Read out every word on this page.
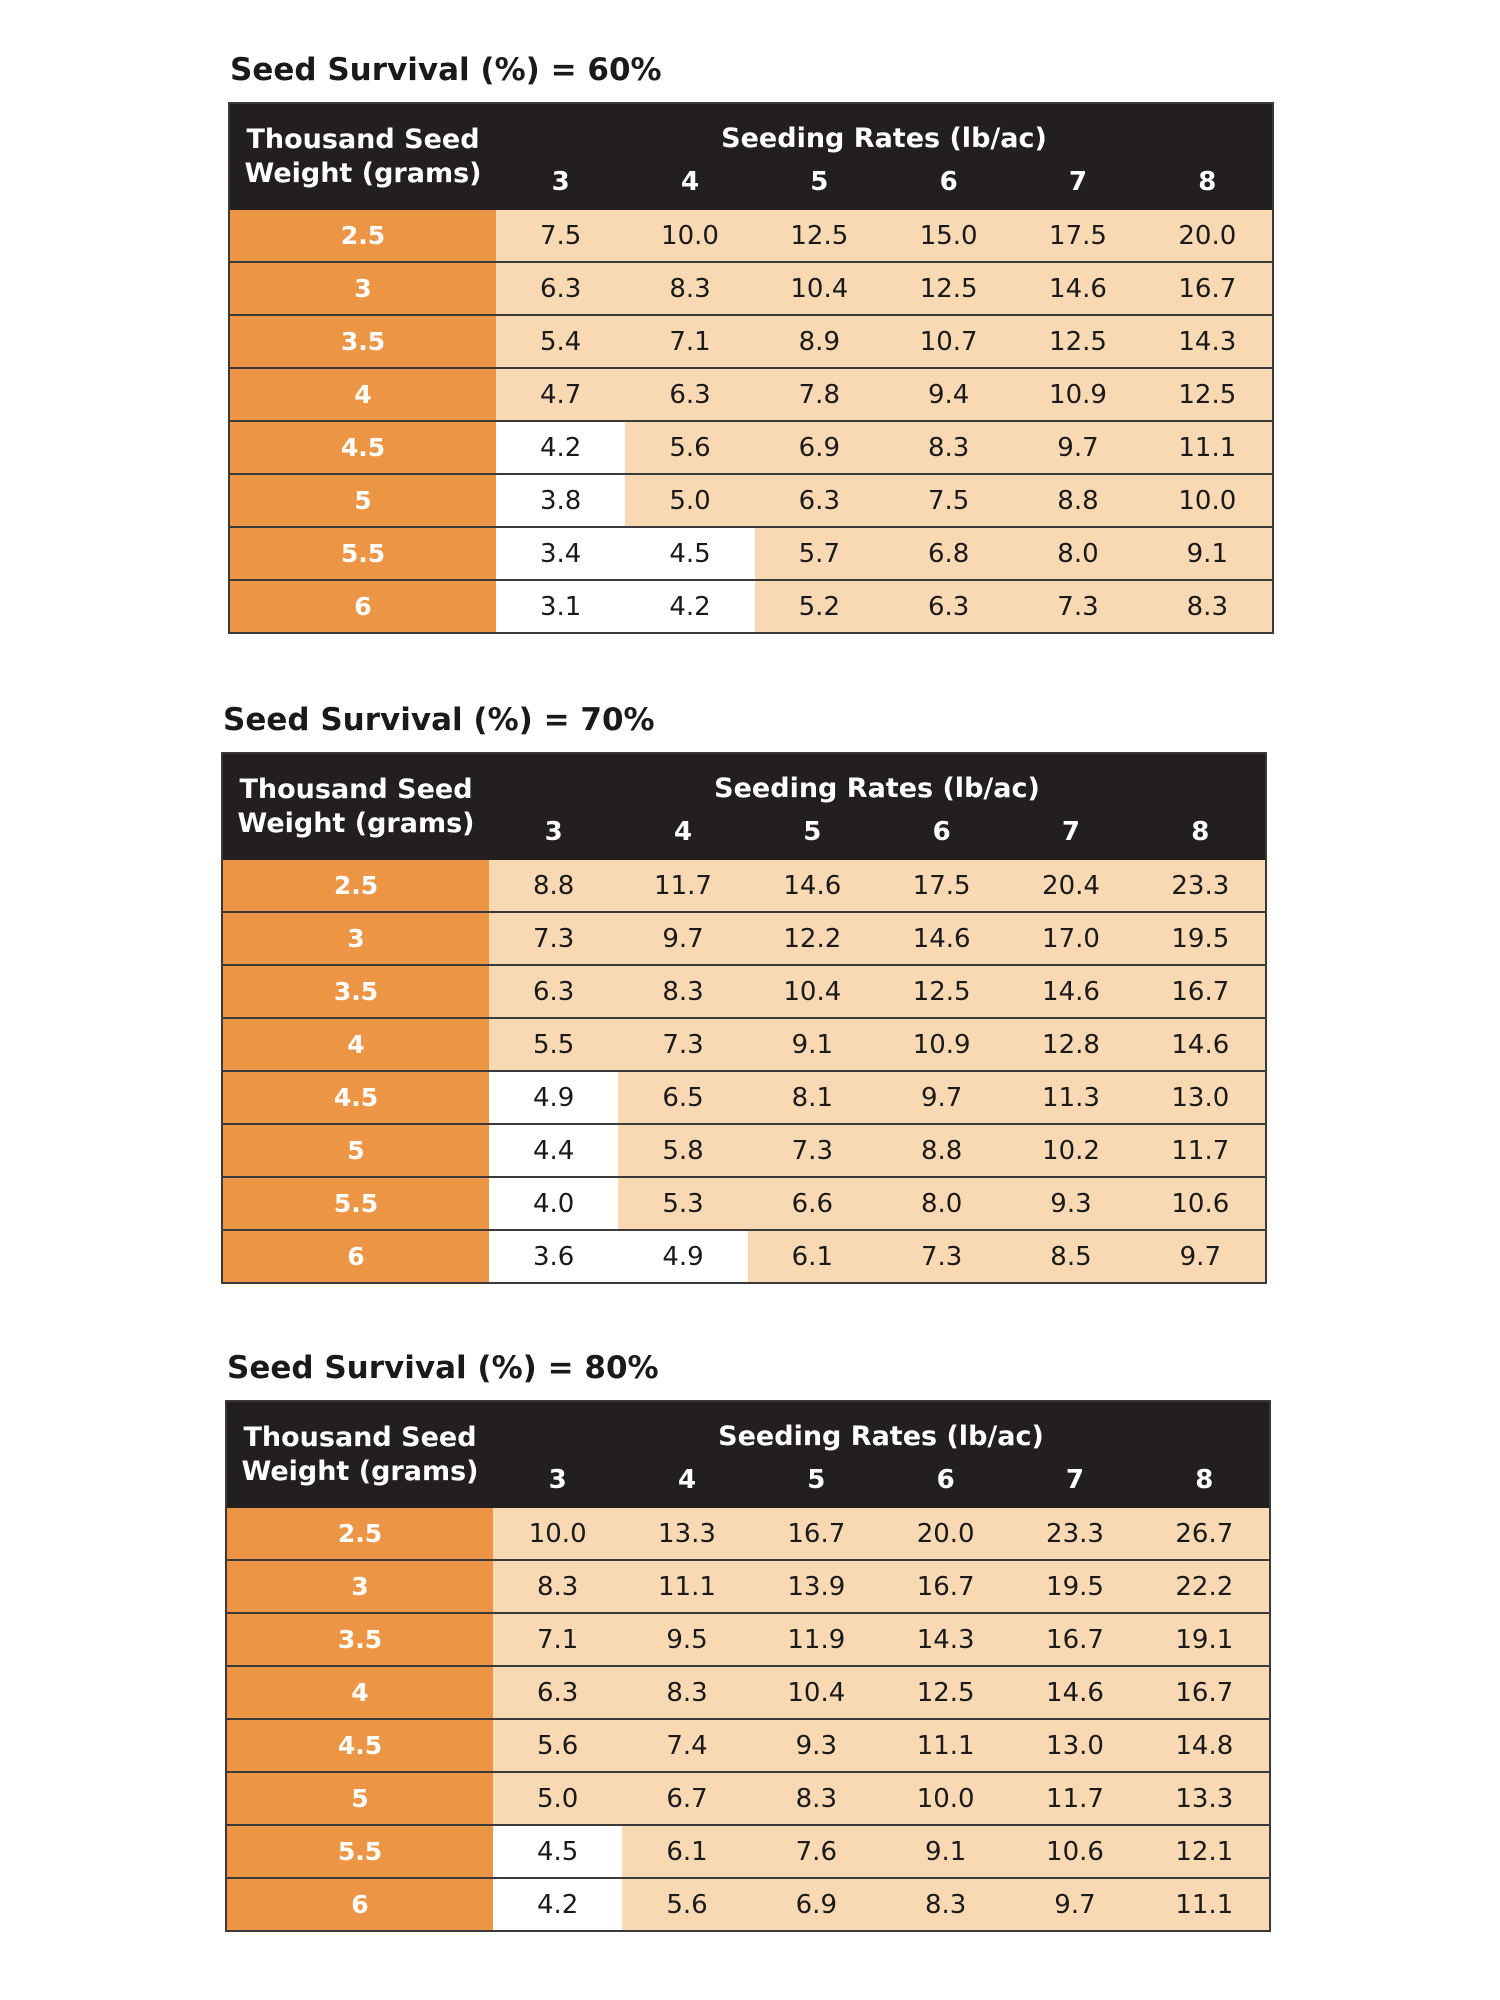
Seed Survival (%) = 60%
Thousand Seed
Weight (grams)	Seeding Rates (lb/ac)					
	3	4	5	6	7	8
2.5	7.5	10.0	12.5	15.0	17.5	20.0
3	6.3	8.3	10.4	12.5	14.6	16.7
3.5	5.4	7.1	8.9	10.7	12.5	14.3
4	4.7	6.3	7.8	9.4	10.9	12.5
4.5	4.2	5.6	6.9	8.3	9.7	11.1
5	3.8	5.0	6.3	7.5	8.8	10.0
5.5	3.4	4.5	5.7	6.8	8.0	9.1
6	3.1	4.2	5.2	6.3	7.3	8.3
Seed Survival (%) = 70%
Thousand Seed
Weight (grams)	Seeding Rates (lb/ac)					
	3	4	5	6	7	8
2.5	8.8	11.7	14.6	17.5	20.4	23.3
3	7.3	9.7	12.2	14.6	17.0	19.5
3.5	6.3	8.3	10.4	12.5	14.6	16.7
4	5.5	7.3	9.1	10.9	12.8	14.6
4.5	4.9	6.5	8.1	9.7	11.3	13.0
5	4.4	5.8	7.3	8.8	10.2	11.7
5.5	4.0	5.3	6.6	8.0	9.3	10.6
6	3.6	4.9	6.1	7.3	8.5	9.7
Seed Survival (%) = 80%
Thousand Seed
Weight (grams)	Seeding Rates (lb/ac)					
	3	4	5	6	7	8
2.5	10.0	13.3	16.7	20.0	23.3	26.7
3	8.3	11.1	13.9	16.7	19.5	22.2
3.5	7.1	9.5	11.9	14.3	16.7	19.1
4	6.3	8.3	10.4	12.5	14.6	16.7
4.5	5.6	7.4	9.3	11.1	13.0	14.8
5	5.0	6.7	8.3	10.0	11.7	13.3
5.5	4.5	6.1	7.6	9.1	10.6	12.1
6	4.2	5.6	6.9	8.3	9.7	11.1
